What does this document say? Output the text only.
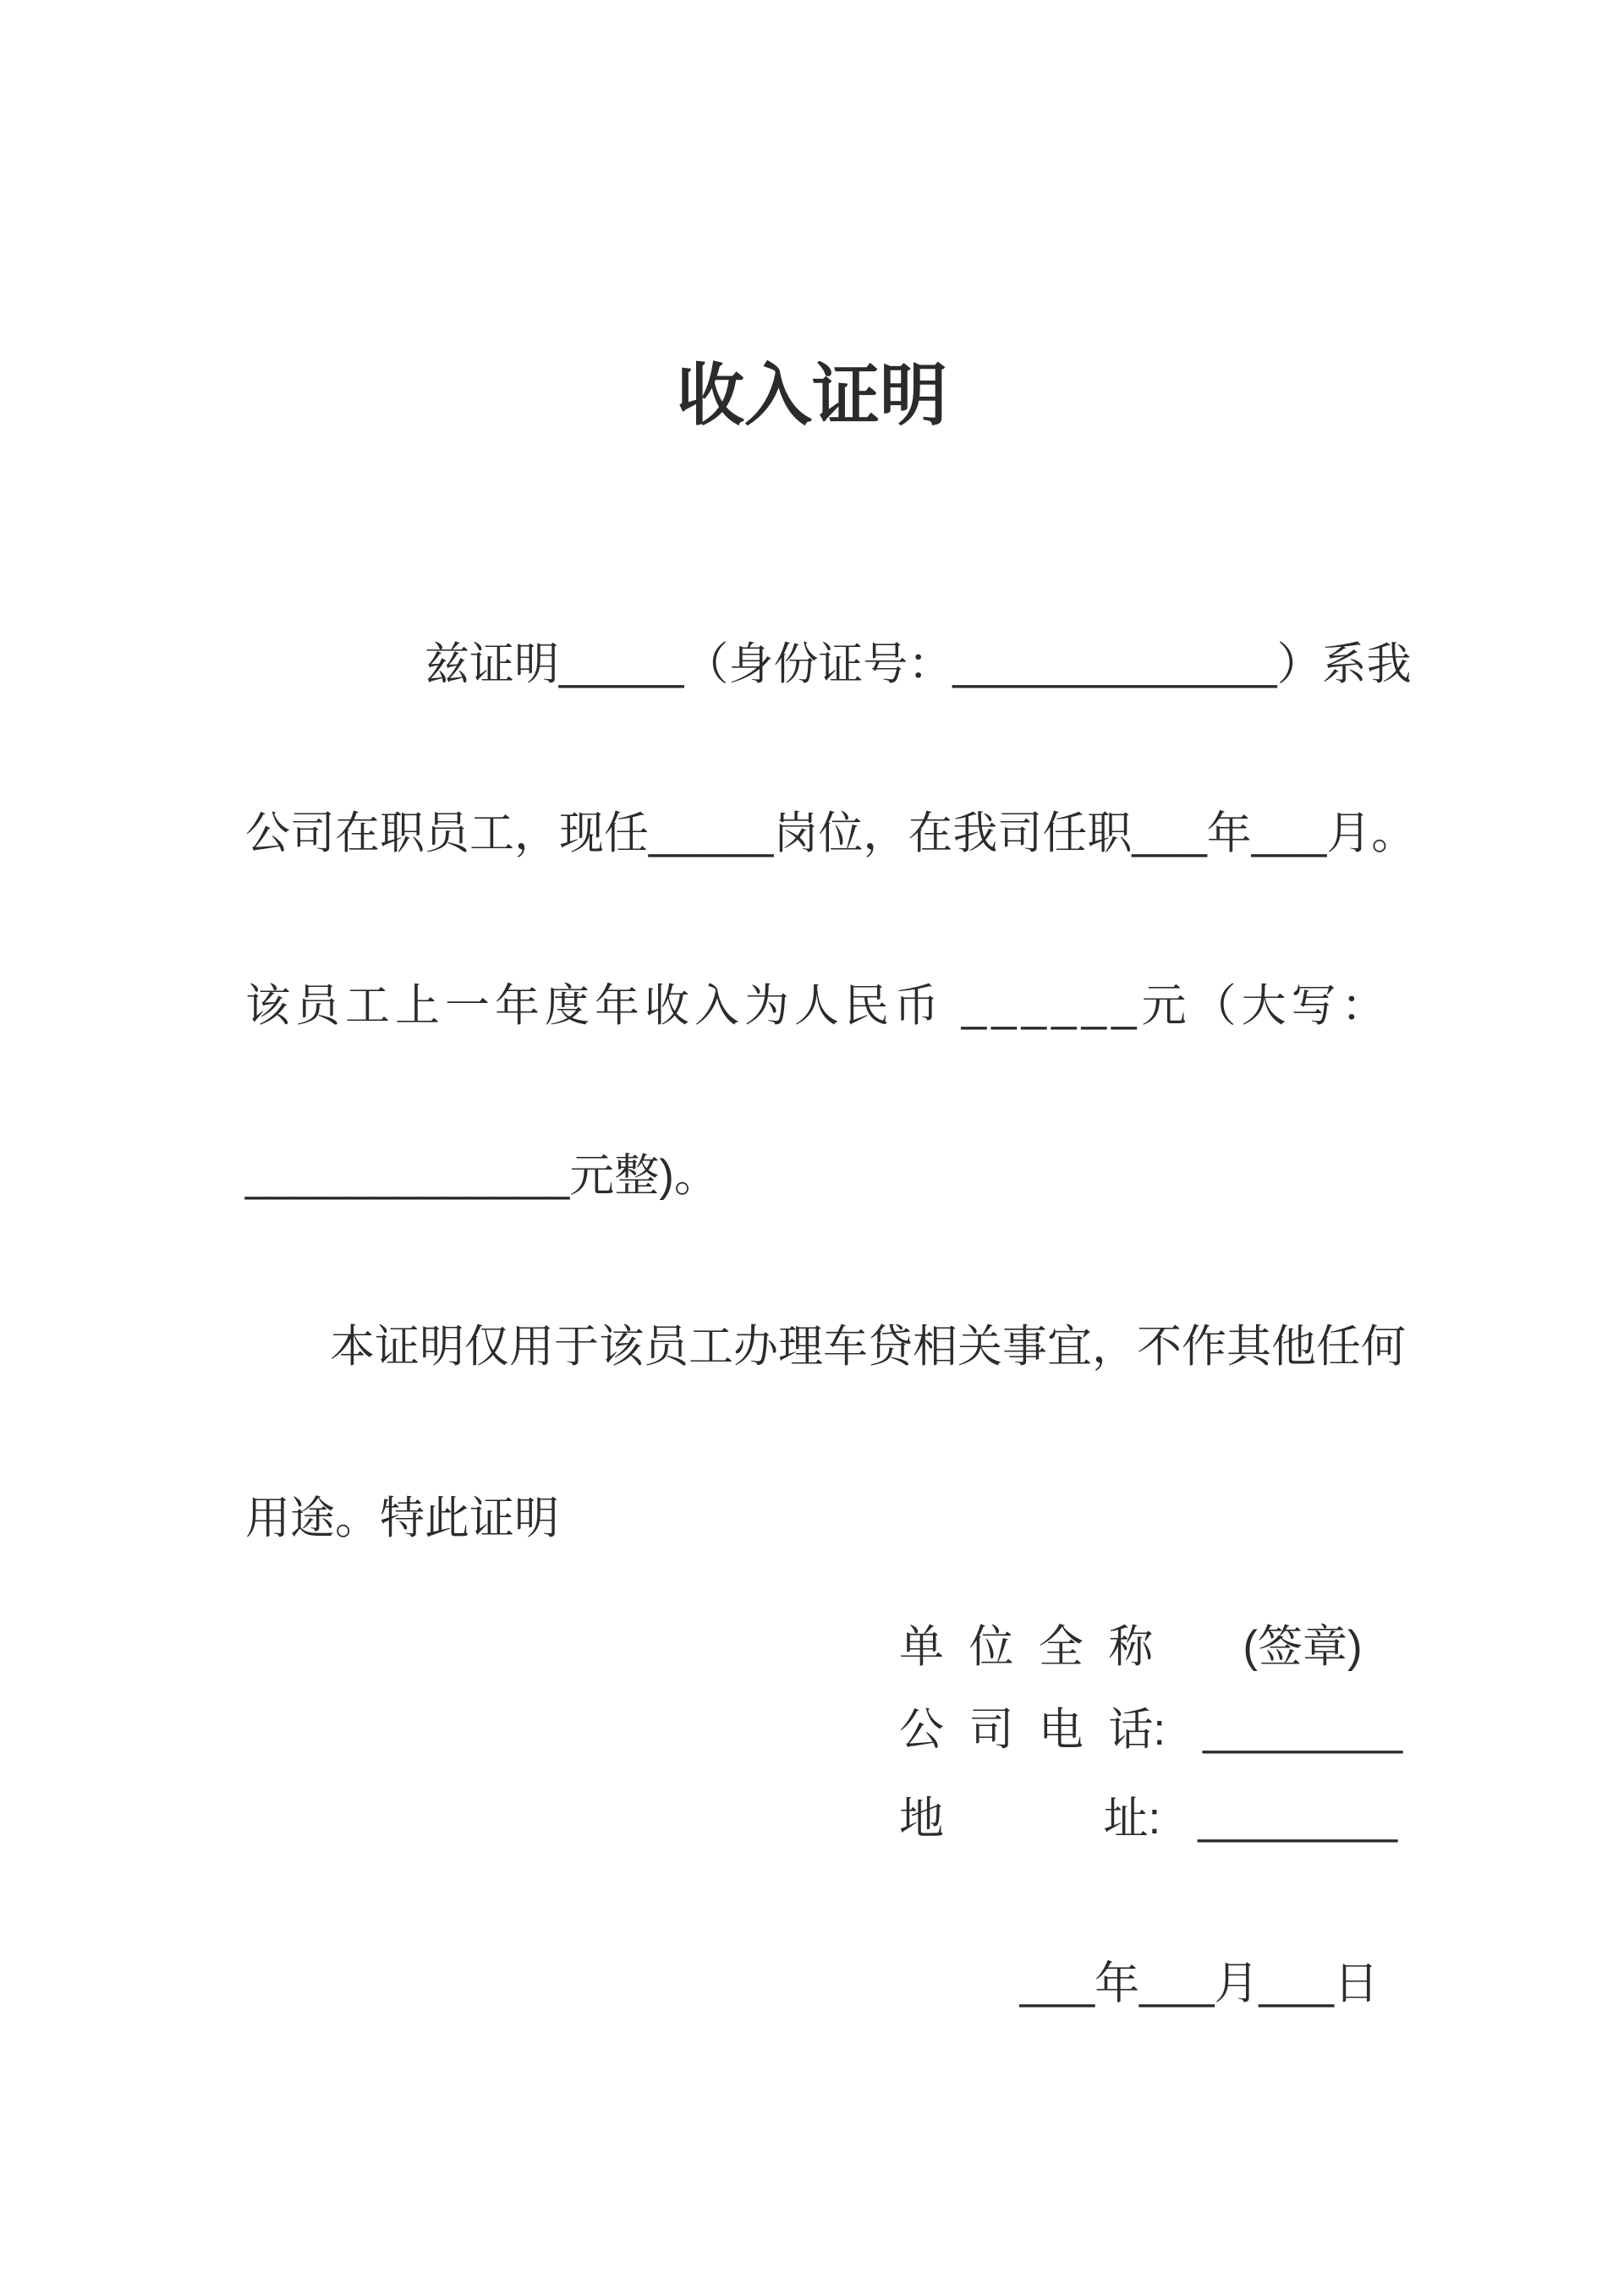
收入证明
兹证明_____（身份证号：_____________）系我
公司在职员工，现任_____岗位，在我司任职___年___月。
该员工上一年度年收入为人民币 ______元（大写：
_____________元整)。
本证明仅用于该员工办理车贷相关事宜，不作其他任何
用途。特此证明
单  位  全  称　　(签章)
公  司  电  话:   ________
地　　　  址:   ________
___年___月___日
